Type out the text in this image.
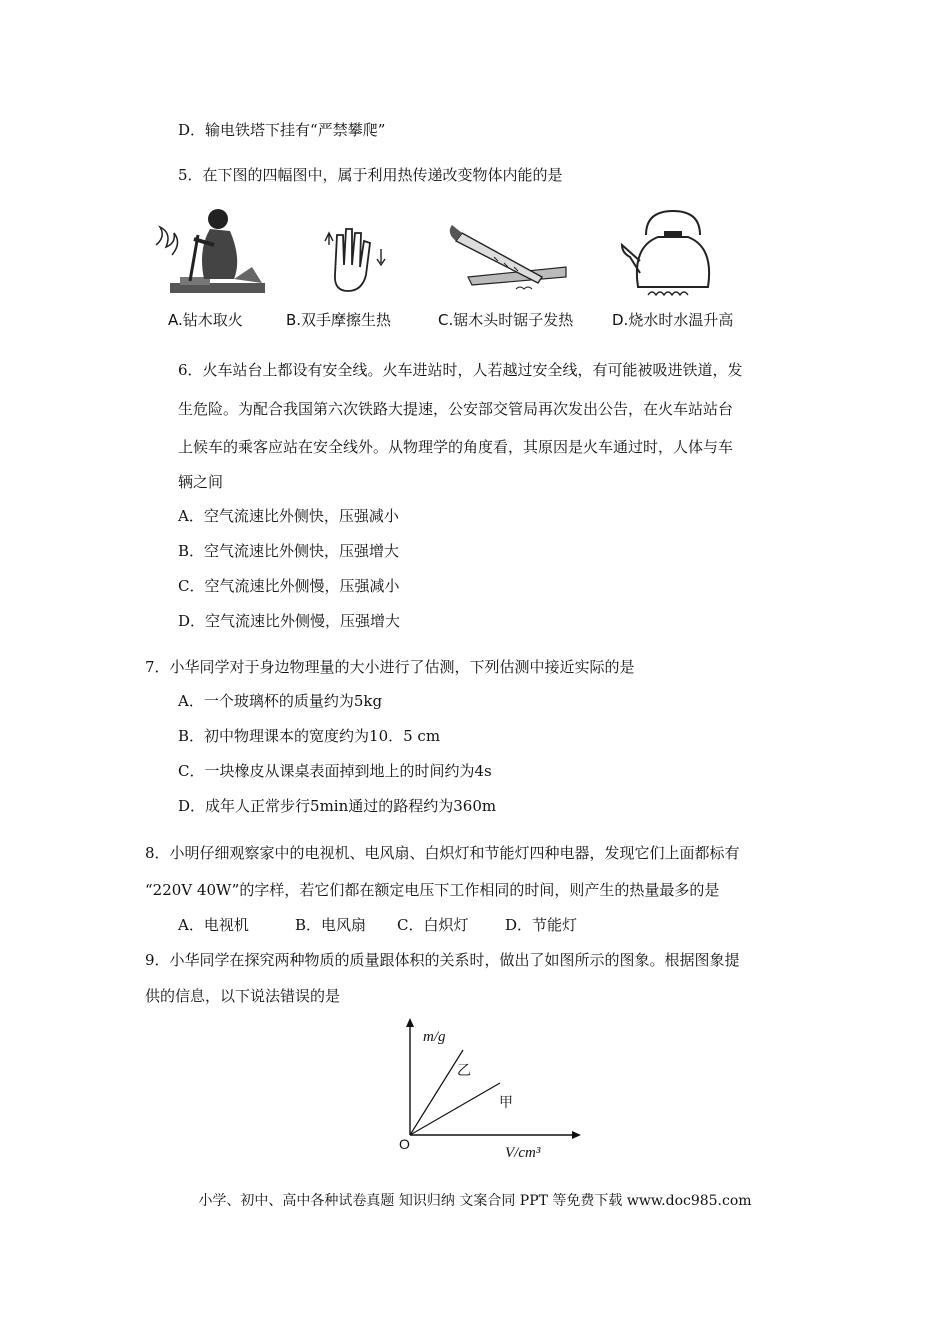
D．输电铁塔下挂有“严禁攀爬”
5．在下图的四幅图中，属于利用热传递改变物体内能的是
A.钻木取火	B.双手摩擦生热	C.锯木头时锯子发热	D.烧水时水温升高
6．火车站台上都设有安全线。火车进站时，人若越过安全线，有可能被吸进铁道，发
生危险。为配合我国第六次铁路大提速，公安部交管局再次发出公告，在火车站站台
上候车的乘客应站在安全线外。从物理学的角度看，其原因是火车通过时，人体与车
辆之间
A．空气流速比外侧快，压强减小
B．空气流速比外侧快，压强增大
C．空气流速比外侧慢，压强减小
D．空气流速比外侧慢，压强增大
7．小华同学对于身边物理量的大小进行了估测，下列估测中接近实际的是
A．一个玻璃杯的质量约为5kg
B．初中物理课本的宽度约为10．5 cm
C．一块橡皮从课桌表面掉到地上的时间约为4s
D．成年人正常步行5min通过的路程约为360m
8．小明仔细观察家中的电视机、电风扇、白炽灯和节能灯四种电器，发现它们上面都标有
“220V 40W”的字样，若它们都在额定电压下工作相同的时间，则产生的热量最多的是
A．电视机	B．电风扇 C．白炽灯 D．节能灯
9．小华同学在探究两种物质的质量跟体积的关系时，做出了如图所示的图象。根据图象提
供的信息，以下说法错误的是
m/g
V/cm³
O
乙
甲
小学、初中、高中各种试卷真题 知识归纳 文案合同 PPT 等免费下载 www.doc985.com
